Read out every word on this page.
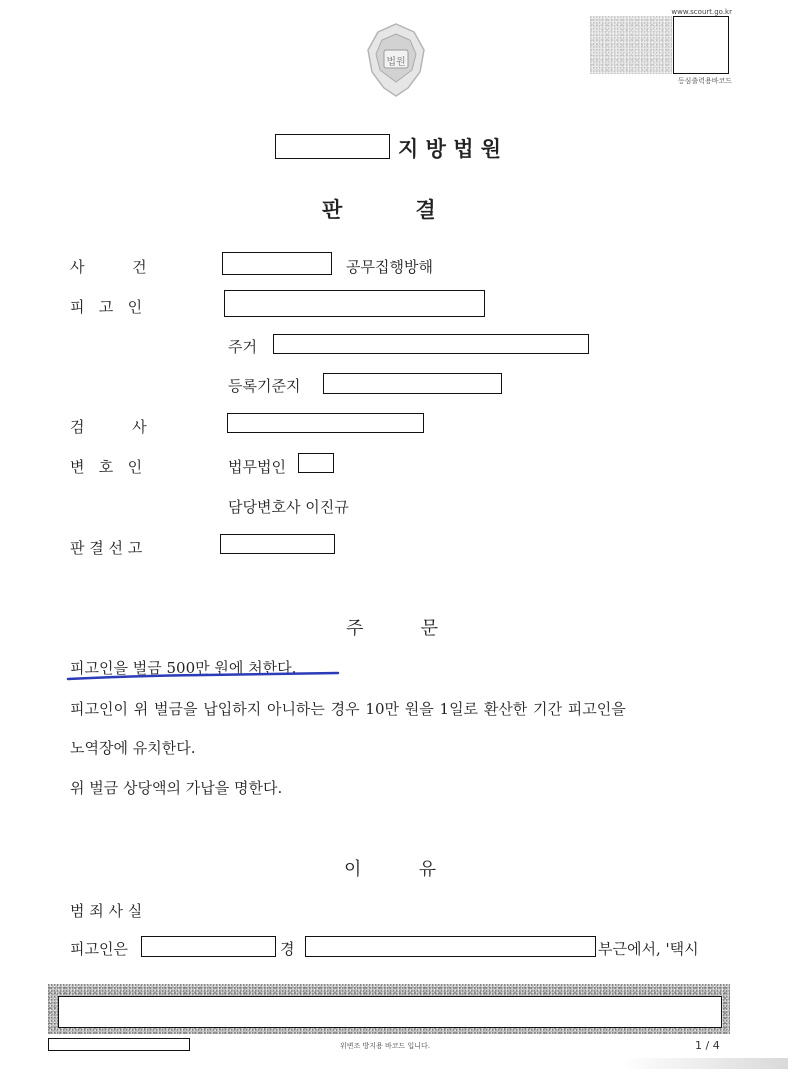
법원
www.scourt.go.kr
등심출력용바코드
지 방 법 원
판          결
사          건	공무집행방해
피   고   인
주거
등록기준지
검          사
변   호   인	법무법인
담당변호사 이진규
판 결 선 고
주          문
피고인을 벌금 500만 원에 처한다.
피고인이 위 벌금을 납입하지 아니하는 경우 10만 원을 1일로 환산한 기간 피고인을
노역장에 유치한다.
위 벌금 상당액의 가납을 명한다.
이          유
범 죄 사 실
피고인은	경	부근에서, '택시
위변조 방지용 바코드 입니다.	1 / 4
